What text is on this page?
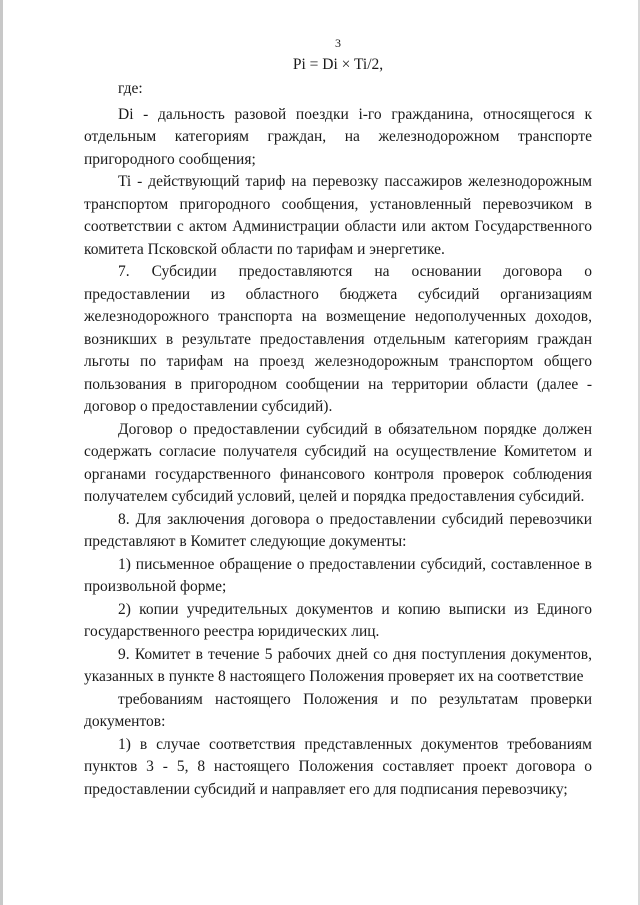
3
Pi = Di × Ti/2,

где:

Di - дальность разовой поездки i-го гражданина, относящегося к отдельным категориям граждан, на железнодорожном транспорте пригородного сообщения;

Ti - действующий тариф на перевозку пассажиров железнодорожным транспортом пригородного сообщения, установленный перевозчиком в соответствии с актом Администрации области или актом Государственного комитета Псковской области по тарифам и энергетике.

7. Субсидии предоставляются на основании договора о предоставлении из областного бюджета субсидий организациям железнодорожного транспорта на возмещение недополученных доходов, возникших в результате предоставления отдельным категориям граждан льготы по тарифам на проезд железнодорожным транспортом общего пользования в пригородном сообщении на территории области (далее - договор о предоставлении субсидий).

Договор о предоставлении субсидий в обязательном порядке должен содержать согласие получателя субсидий на осуществление Комитетом и органами государственного финансового контроля проверок соблюдения получателем субсидий условий, целей и порядка предоставления субсидий.

8. Для заключения договора о предоставлении субсидий перевозчики представляют в Комитет следующие документы:

1) письменное обращение о предоставлении субсидий, составленное в произвольной форме;

2) копии учредительных документов и копию выписки из Единого государственного реестра юридических лиц.

9. Комитет в течение 5 рабочих дней со дня поступления документов, указанных в пункте 8 настоящего Положения проверяет их на соответствие

требованиям настоящего Положения и по результатам проверки документов:

1) в случае соответствия представленных документов требованиям пунктов 3 - 5, 8 настоящего Положения составляет проект договора о предоставлении субсидий и направляет его для подписания перевозчику;
